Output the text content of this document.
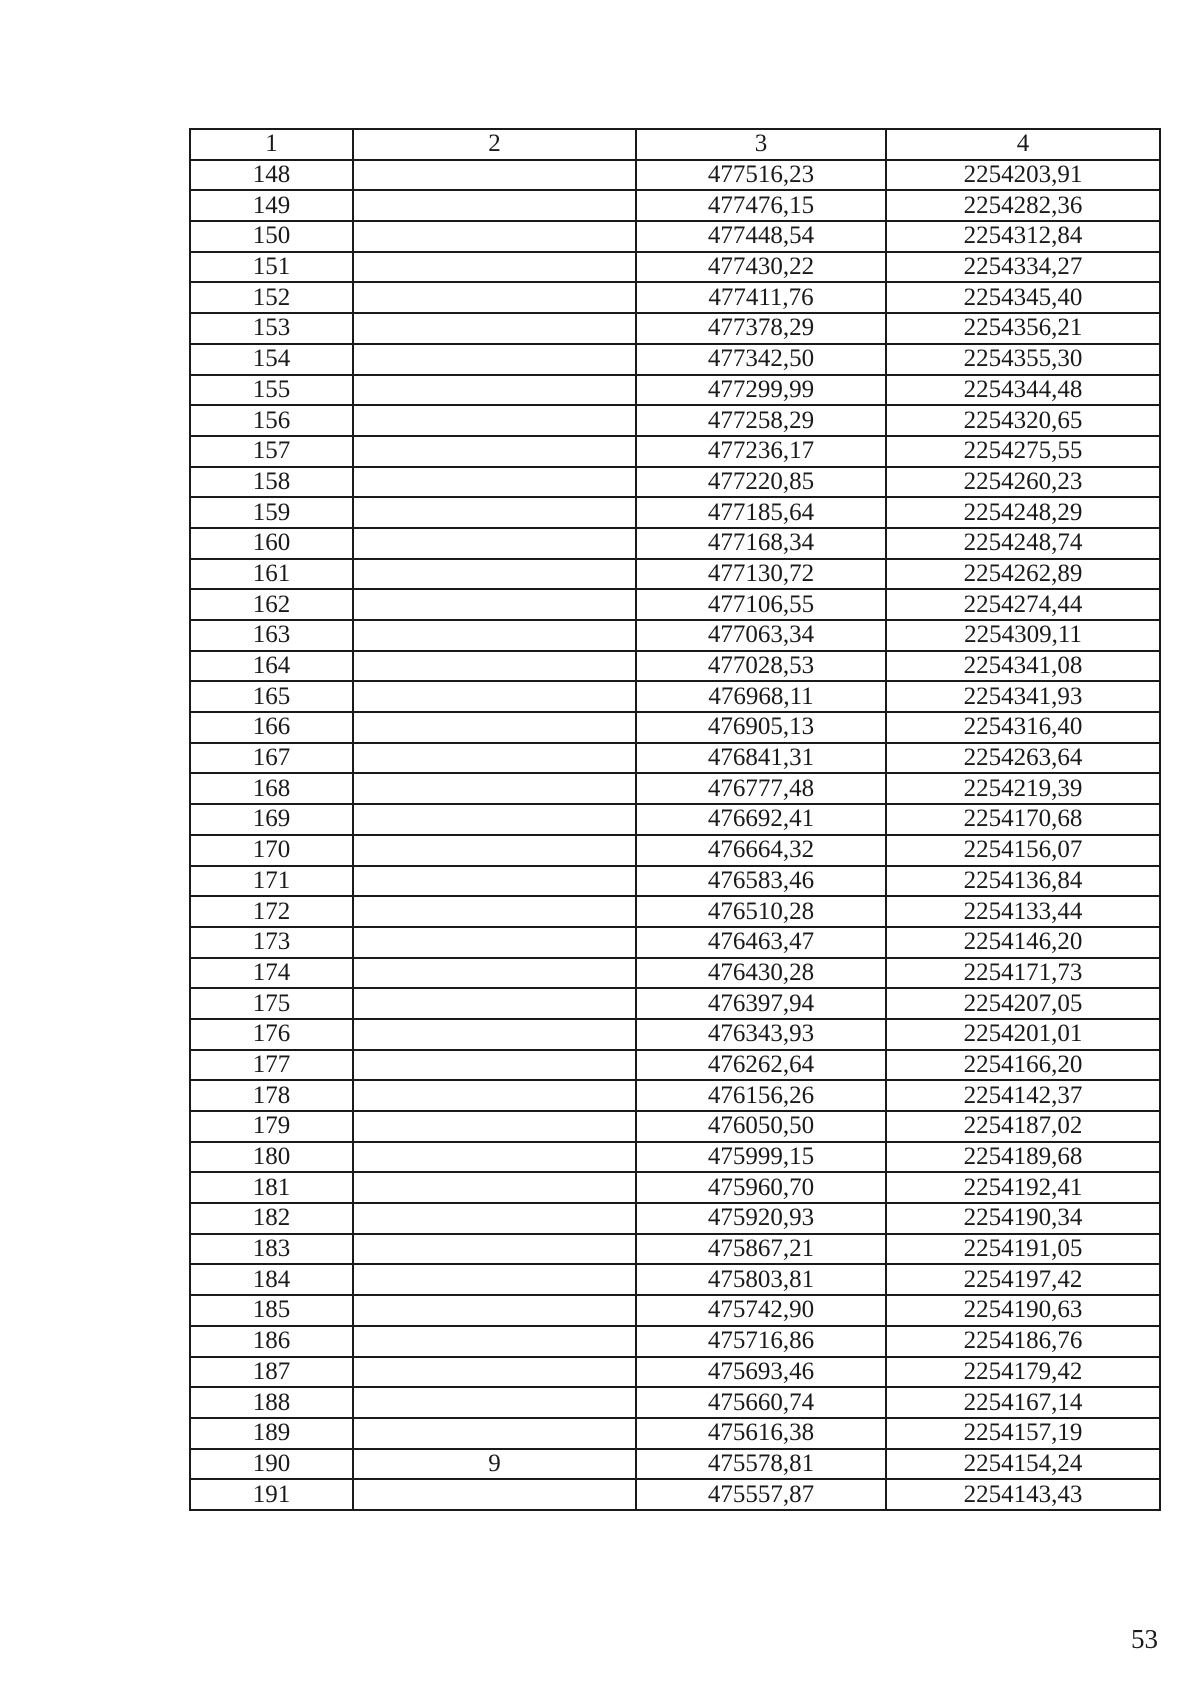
1	2	3	4
148		477516,23	2254203,91
149		477476,15	2254282,36
150		477448,54	2254312,84
151		477430,22	2254334,27
152		477411,76	2254345,40
153		477378,29	2254356,21
154		477342,50	2254355,30
155		477299,99	2254344,48
156		477258,29	2254320,65
157		477236,17	2254275,55
158		477220,85	2254260,23
159		477185,64	2254248,29
160		477168,34	2254248,74
161		477130,72	2254262,89
162		477106,55	2254274,44
163		477063,34	2254309,11
164		477028,53	2254341,08
165		476968,11	2254341,93
166		476905,13	2254316,40
167		476841,31	2254263,64
168		476777,48	2254219,39
169		476692,41	2254170,68
170		476664,32	2254156,07
171		476583,46	2254136,84
172		476510,28	2254133,44
173		476463,47	2254146,20
174		476430,28	2254171,73
175		476397,94	2254207,05
176		476343,93	2254201,01
177		476262,64	2254166,20
178		476156,26	2254142,37
179		476050,50	2254187,02
180		475999,15	2254189,68
181		475960,70	2254192,41
182		475920,93	2254190,34
183		475867,21	2254191,05
184		475803,81	2254197,42
185		475742,90	2254190,63
186		475716,86	2254186,76
187		475693,46	2254179,42
188		475660,74	2254167,14
189		475616,38	2254157,19
190	9	475578,81	2254154,24
191		475557,87	2254143,43
53
